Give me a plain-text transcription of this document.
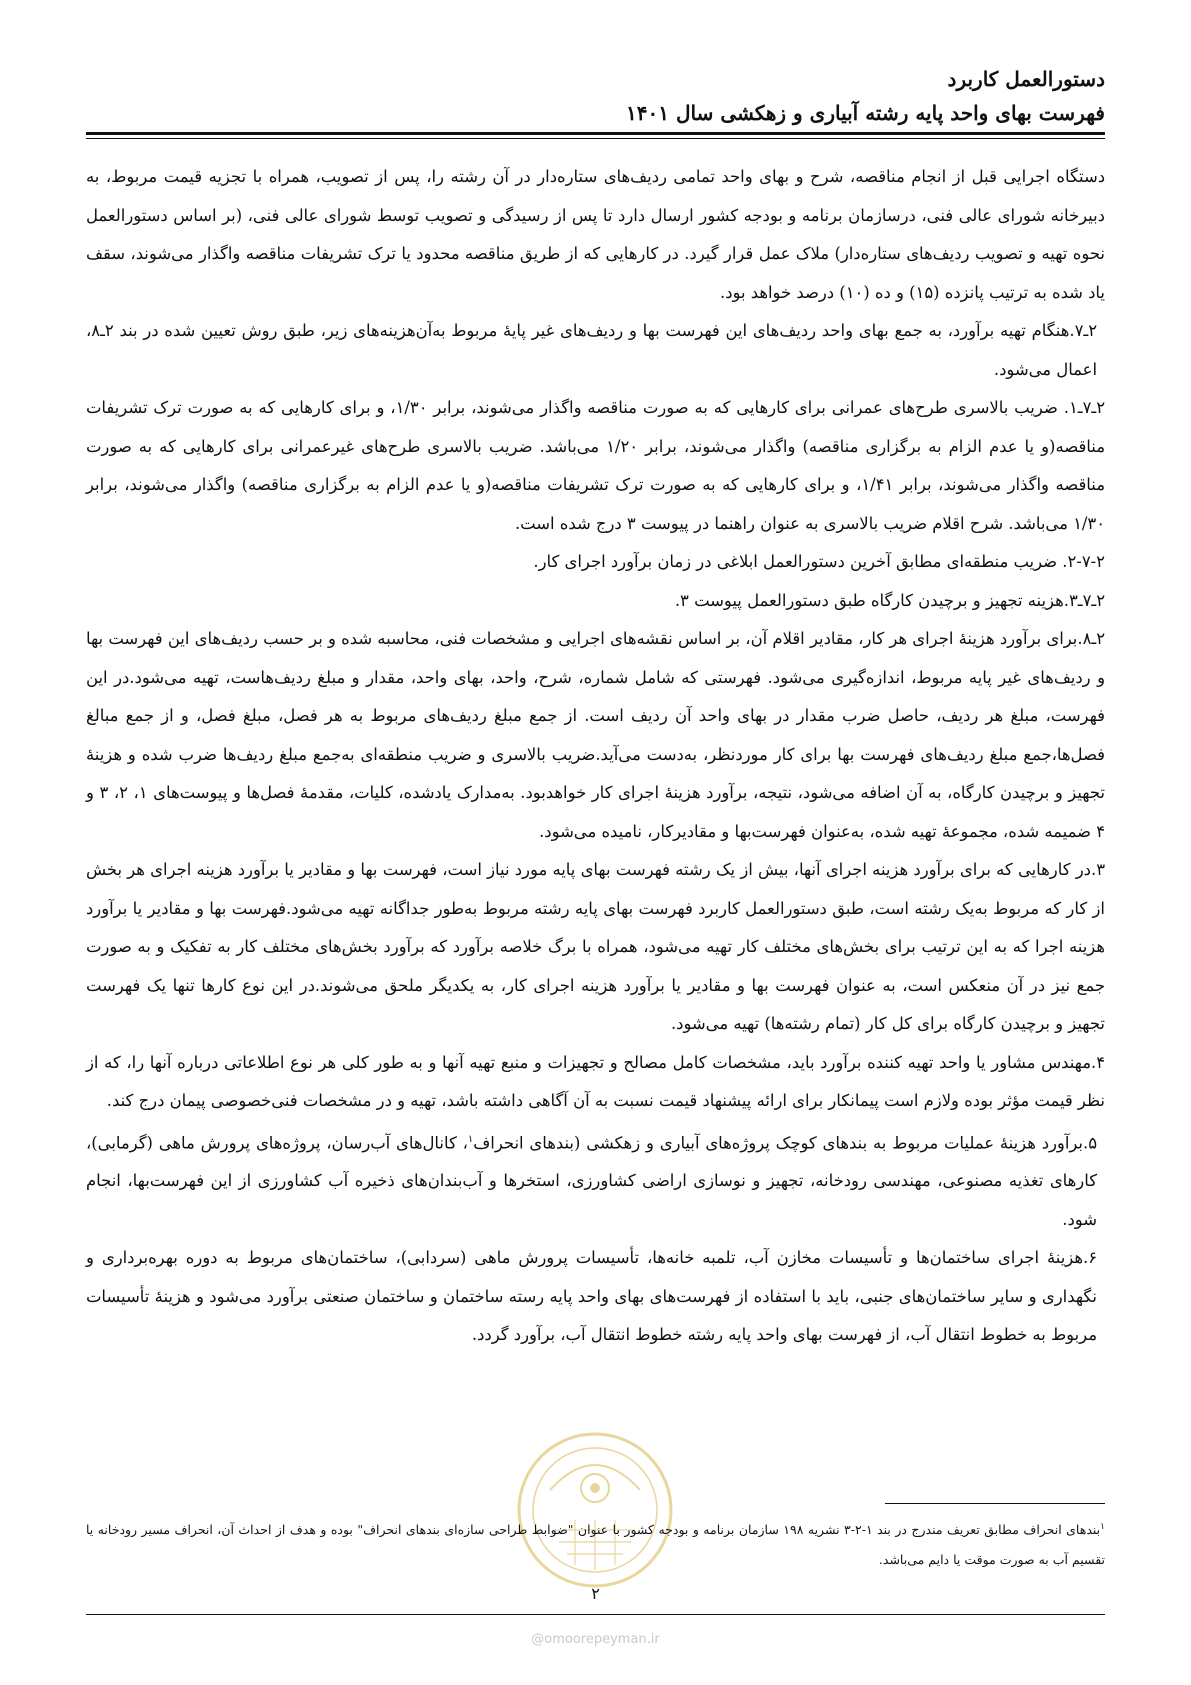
دستورالعمل کاربرد

فهرست بهای واحد پایه رشته آبیاری و زهکشی سال ۱۴۰۱

دستگاه اجرایی قبل از انجام مناقصه، شرح و بهای واحد تمامی ردیف‌های ستاره‌دار در آن رشته را، پس از تصویب، همراه با تجزیه قیمت مربوط، به دبیرخانه شورای عالی فنی، درسازمان برنامه و بودجه کشور ارسال دارد تا پس از رسیدگی و تصویب توسط شورای عالی فنی، (بر اساس دستورالعمل نحوه تهیه و تصویب ردیف‌های ستاره‌دار) ملاک عمل قرار گیرد. در کارهایی که از طریق مناقصه محدود یا ترک تشریفات مناقصه واگذار می‌شوند، سقف یاد شده به ترتیب پانزده (۱۵) و ده (۱۰) درصد خواهد بود.

۲ـ۷.هنگام تهیه برآورد، به جمع بهای واحد ردیف‌های این فهرست بها و ردیف‌های غیر پایهٔ مربوط به‌آن‌هزینه‌های زیر، طبق روش تعیین شده در بند ۲ـ۸، اعمال می‌شود.

۲ـ۷ـ۱. ضریب بالاسری طرح‌های عمرانی برای کارهایی که به صورت مناقصه واگذار می‌شوند، برابر ۱/۳۰، و برای کارهایی که به صورت ترک تشریفات مناقصه(و یا عدم الزام به برگزاری مناقصه) واگذار می‌شوند، برابر ۱/۲۰ می‌باشد. ضریب بالاسری طرح‌های غیرعمرانی برای کارهایی که به صورت مناقصه واگذار می‌شوند، برابر ۱/۴۱، و برای کارهایی که به صورت ترک تشریفات مناقصه(و یا عدم الزام به برگزاری مناقصه) واگذار می‌شوند، برابر ۱/۳۰ می‌باشد. شرح اقلام ضریب بالاسری به عنوان راهنما در پیوست ۳ درج شده است.

۲-۷-۲. ضریب منطقه‌ای مطابق آخرین دستورالعمل ابلاغی در زمان برآورد اجرای کار.

۲ـ۷ـ۳.هزینه تجهیز و برچیدن کارگاه طبق دستورالعمل پیوست ۳.

۲ـ۸.برای برآورد هزینهٔ اجرای هر کار، مقادیر اقلام آن، بر اساس نقشه‌های اجرایی و مشخصات فنی، محاسبه شده و بر حسب ردیف‌های این فهرست بها و ردیف‌های غیر پایه مربوط، اندازه‌گیری می‌شود. فهرستی که شامل شماره، شرح، واحد، بهای واحد، مقدار و مبلغ ردیف‌هاست، تهیه می‌شود.در این فهرست، مبلغ هر ردیف، حاصل ضرب مقدار در بهای واحد آن ردیف است. از جمع مبلغ ردیف‌های مربوط به هر فصل، مبلغ فصل، و از جمع مبالغ فصل‌ها،جمع مبلغ ردیف‌های فهرست بها برای کار موردنظر، به‌دست می‌آید.ضریب بالاسری و ضریب منطقه‌ای به‌جمع مبلغ ردیف‌ها ضرب شده و هزینهٔ تجهیز و برچیدن کارگاه، به آن اضافه می‌شود، نتیجه، برآورد هزینهٔ اجرای کار خواهدبود. به‌مدارک یادشده، کلیات، مقدمهٔ فصل‌ها و پیوست‌های ۱، ۲، ۳ و ۴ ضمیمه شده، مجموعهٔ تهیه شده، به‌عنوان فهرست‌بها و مقادیرکار، نامیده می‌شود.

۳.در کارهایی که برای برآورد هزینه اجرای آنها، بیش از یک رشته فهرست بهای پایه مورد نیاز است، فهرست بها و مقادیر یا برآورد هزینه اجرای هر بخش از کار که مربوط به‌یک رشته است، طبق دستورالعمل کاربرد فهرست بهای پایه رشته مربوط به‌طور جداگانه تهیه می‌شود.فهرست بها و مقادیر یا برآورد هزینه اجرا که به این ترتیب برای بخش‌های مختلف کار تهیه می‌شود، همراه با برگ خلاصه برآورد که برآورد بخش‌های مختلف کار به تفکیک و به صورت جمع نیز در آن منعکس است، به عنوان فهرست بها و مقادیر یا برآورد هزینه اجرای کار، به یکدیگر ملحق می‌شوند.در این نوع کارها تنها یک فهرست تجهیز و برچیدن کارگاه برای کل کار (تمام رشته‌ها) تهیه می‌شود.

۴.مهندس مشاور یا واحد تهیه کننده برآورد باید، مشخصات کامل مصالح و تجهیزات و منبع تهیه آنها و به طور کلی هر نوع اطلاعاتی درباره آنها را، که از نظر قیمت مؤثر بوده ولازم است پیمانکار برای ارائه پیشنهاد قیمت نسبت به آن آگاهی داشته باشد، تهیه و در مشخصات فنی‌خصوصی پیمان درج کند.

۵.برآورد هزینهٔ عملیات مربوط به بندهای کوچک پروژه‌های آبیاری و زهکشی (بندهای انحراف$^۱$، کانال‌های آب‌رسان، پروژه‌های پرورش ماهی (گرمابی)، کارهای تغذیه مصنوعی، مهندسی رودخانه، تجهیز و نوسازی اراضی کشاورزی، استخرها و آب‌بندان‌های ذخیره آب کشاورزی از این فهرست‌بها، انجام شود.

۶.هزینهٔ اجرای ساختمان‌ها و تأسیسات مخازن آب، تلمبه خانه‌ها، تأسیسات پرورش ماهی (سردابی)، ساختمان‌های مربوط به دوره بهره‌برداری و نگهداری و سایر ساختمان‌های جنبی، باید با استفاده از فهرست‌های بهای واحد پایه رسته ساختمان و ساختمان صنعتی برآورد می‌شود و هزینهٔ تأسیسات مربوط به خطوط انتقال آب، از فهرست بهای واحد پایه رشته خطوط انتقال آب، برآورد گردد.

$^۱$بندهای انحراف مطابق تعریف مندرج در بند ۱-۲-۳ نشریه ۱۹۸ سازمان برنامه و بودجه کشور با عنوان "ضوابط طراحی سازه‌ای بندهای انحراف" بوده و هدف از احداث آن، انحراف مسیر رودخانه یا تقسیم آب به صورت موقت یا دایم می‌باشد.
۲
@omoorepeyman.ir
